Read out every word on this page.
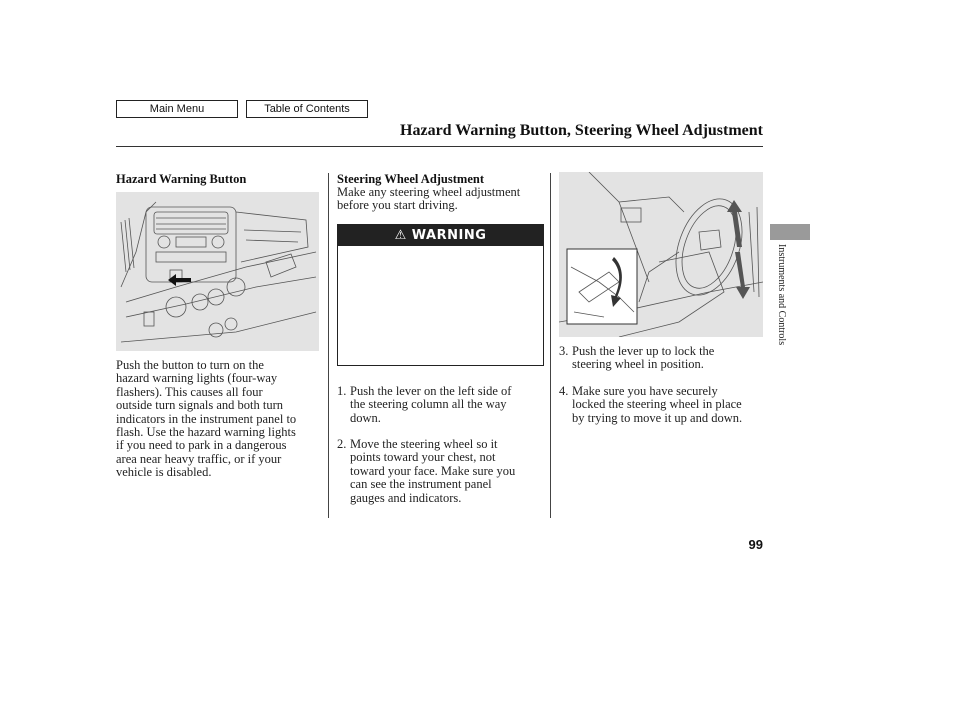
Main Menu	Table of Contents
Hazard Warning Button, Steering Wheel Adjustment
Hazard Warning Button
Push the button to turn on the
hazard warning lights (four-way
flashers). This causes all four
outside turn signals and both turn
indicators in the instrument panel to
flash. Use the hazard warning lights
if you need to park in a dangerous
area near heavy traffic, or if your
vehicle is disabled.
Steering Wheel Adjustment
Make any steering wheel adjustment
before you start driving.
⚠ WARNING
1. Push the lever on the left side of
the steering column all the way
down.
2. Move the steering wheel so it
points toward your chest, not
toward your face. Make sure you
can see the instrument panel
gauges and indicators.
3. Push the lever up to lock the
steering wheel in position.
4. Make sure you have securely
locked the steering wheel in place
by trying to move it up and down.
Instruments and Controls
99
